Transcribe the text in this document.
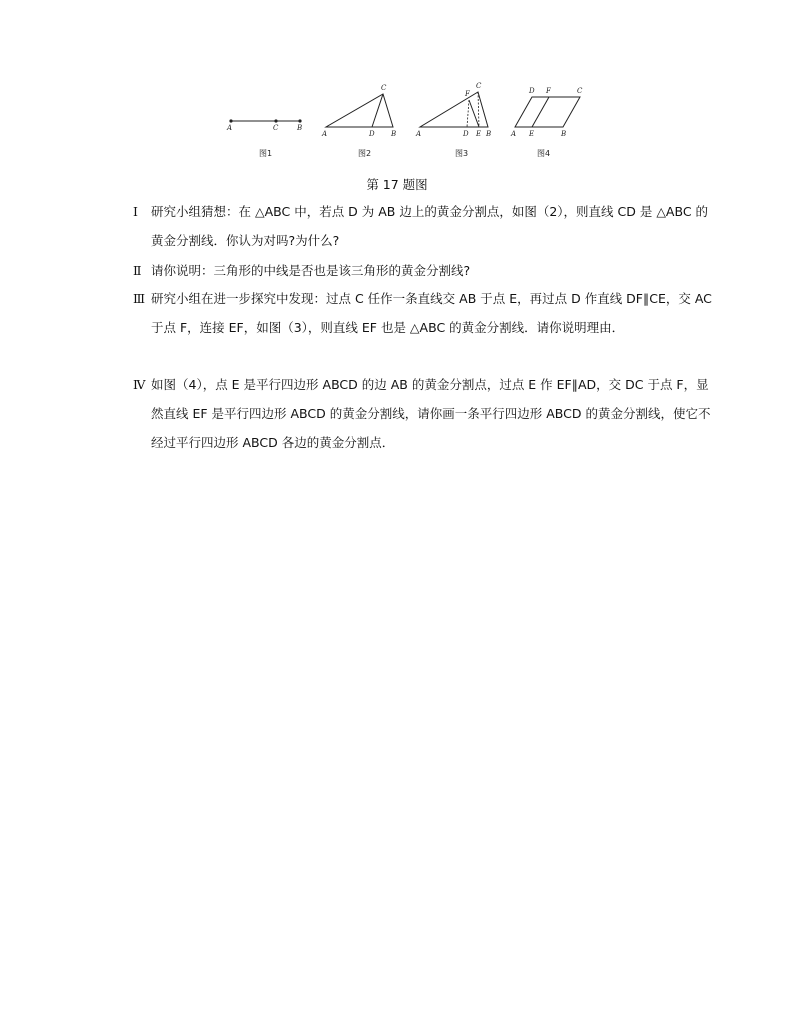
A	C	B
图1
A	B
C
D
图2
A	B
C
D E
F
图3
A	B
C
D
E
F
图4
第 17 题图
Ⅰ 研究小组猜想：在 △ABC 中，若点 D 为 AB 边上的黄金分割点，如图（2），则直线 CD 是 △ABC 的黄金分割线．你认为对吗?为什么?
Ⅱ 请你说明：三角形的中线是否也是该三角形的黄金分割线?
Ⅲ 研究小组在进一步探究中发现：过点 C 任作一条直线交 AB 于点 E，再过点 D 作直线 DF∥CE，交 AC 于点 F，连接 EF，如图（3），则直线 EF 也是 △ABC 的黄金分割线．请你说明理由．
Ⅳ 如图（4），点 E 是平行四边形 ABCD 的边 AB 的黄金分割点，过点 E 作 EF∥AD，交 DC 于点 F，显然直线 EF 是平行四边形 ABCD 的黄金分割线，请你画一条平行四边形 ABCD 的黄金分割线，使它不经过平行四边形 ABCD 各边的黄金分割点．
